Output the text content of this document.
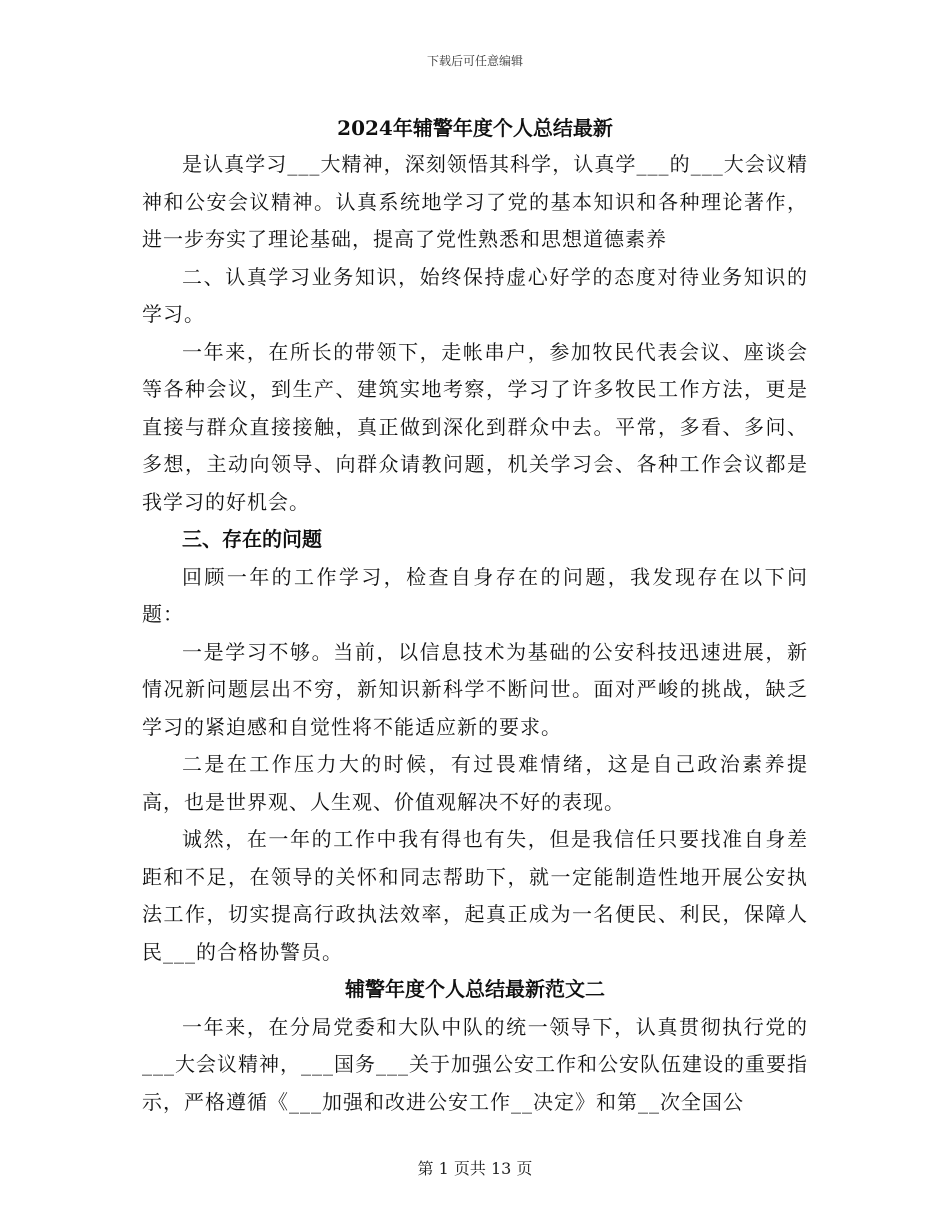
下载后可任意编辑
2024年辅警年度个人总结最新

是认真学习___大精神，深刻领悟其科学，认真学___的___大会议精神和公安会议精神。认真系统地学习了党的基本知识和各种理论著作，进一步夯实了理论基础，提高了党性熟悉和思想道德素养

二、认真学习业务知识，始终保持虚心好学的态度对待业务知识的学习。

一年来，在所长的带领下，走帐串户，参加牧民代表会议、座谈会等各种会议，到生产、建筑实地考察，学习了许多牧民工作方法，更是直接与群众直接接触，真正做到深化到群众中去。平常，多看、多问、多想，主动向领导、向群众请教问题，机关学习会、各种工作会议都是我学习的好机会。

三、存在的问题

回顾一年的工作学习，检查自身存在的问题，我发现存在以下问题：

一是学习不够。当前，以信息技术为基础的公安科技迅速进展，新情况新问题层出不穷，新知识新科学不断问世。面对严峻的挑战，缺乏学习的紧迫感和自觉性将不能适应新的要求。

二是在工作压力大的时候，有过畏难情绪，这是自己政治素养提高，也是世界观、人生观、价值观解决不好的表现。

诚然，在一年的工作中我有得也有失，但是我信任只要找准自身差距和不足，在领导的关怀和同志帮助下，就一定能制造性地开展公安执法工作，切实提高行政执法效率，起真正成为一名便民、利民，保障人民___的合格协警员。

辅警年度个人总结最新范文二

一年来，在分局党委和大队中队的统一领导下，认真贯彻执行党的___大会议精神，___国务___关于加强公安工作和公安队伍建设的重要指示，严格遵循《___加强和改进公安工作__决定》和第__次全国公

第 1 页共 13 页
